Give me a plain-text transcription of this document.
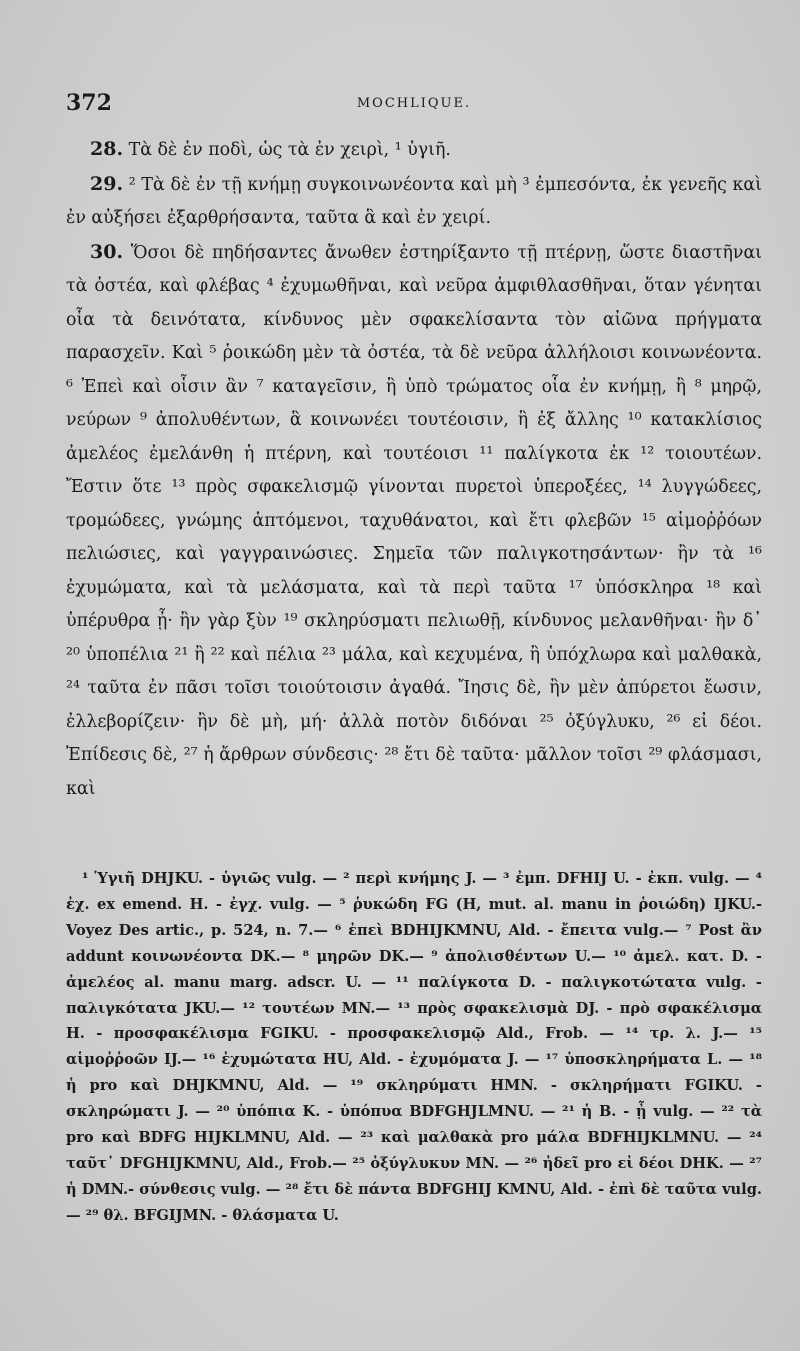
372	MOCHLIQUE.

28. Τὰ δὲ ἐν ποδὶ, ὡς τὰ ἐν χειρὶ, ¹ ὑγιῆ.

29. ² Τὰ δὲ ἐν τῇ κνήμῃ συγκοινωνέοντα καὶ μὴ ³ ἐμπεσόντα, ἐκ γενεῆς καὶ ἐν αὐξήσει ἐξαρθρήσαντα, ταῦτα ἃ καὶ ἐν χειρί.

30. Ὅσοι δὲ πηδήσαντες ἄνωθεν ἐστηρίξαντο τῇ πτέρνῃ, ὥστε διαστῆναι τὰ ὀστέα, καὶ φλέβας ⁴ ἐχυμωθῆναι, καὶ νεῦρα ἀμφιθλασθῆναι, ὅταν γένηται οἷα τὰ δεινότατα, κίνδυνος μὲν σφακελίσαντα τὸν αἰῶνα πρήγματα παρασχεῖν. Καὶ ⁵ ῥοικώδη μὲν τὰ ὀστέα, τὰ δὲ νεῦρα ἀλλήλοισι κοινωνέοντα. ⁶ Ἐπεὶ καὶ οἷσιν ἂν ⁷ καταγεῖσιν, ἢ ὑπὸ τρώματος οἷα ἐν κνήμῃ, ἢ ⁸ μηρῷ, νεύρων ⁹ ἀπολυθέντων, ἃ κοινωνέει τουτέοισιν, ἢ ἐξ ἄλλης ¹⁰ κατακλίσιος ἀμελέος ἐμελάνθη ἡ πτέρνη, καὶ τουτέοισι ¹¹ παλίγκοτα ἐκ ¹² τοιουτέων. Ἔστιν ὅτε ¹³ πρὸς σφακελισμῷ γίνονται πυρετοὶ ὑπεροξέες, ¹⁴ λυγγώδεες, τρομώδεες, γνώμης ἁπτόμενοι, ταχυθάνατοι, καὶ ἔτι φλεβῶν ¹⁵ αἱμοῤῥόων πελιώσιες, καὶ γαγγραινώσιες. Σημεῖα τῶν παλιγκοτησάντων· ἢν τὰ ¹⁶ ἐχυμώματα, καὶ τὰ μελάσματα, καὶ τὰ περὶ ταῦτα ¹⁷ ὑπόσκληρα ¹⁸ καὶ ὑπέρυθρα ᾖ· ἢν γὰρ ξὺν ¹⁹ σκληρύσματι πελιωθῇ, κίνδυνος μελανθῆναι· ἢν δ᾽ ²⁰ ὑποπέλια ²¹ ἢ ²² καὶ πέλια ²³ μάλα, καὶ κεχυμένα, ἢ ὑπόχλωρα καὶ μαλθακὰ, ²⁴ ταῦτα ἐν πᾶσι τοῖσι τοιούτοισιν ἀγαθά. Ἴησις δὲ, ἢν μὲν ἀπύρετοι ἔωσιν, ἐλλεβορίζειν· ἢν δὲ μὴ, μή· ἀλλὰ ποτὸν διδόναι ²⁵ ὀξύγλυκυ, ²⁶ εἰ δέοι. Ἐπίδεσις δὲ, ²⁷ ἡ ἄρθρων σύνδεσις· ²⁸ ἔτι δὲ ταῦτα· μᾶλλον τοῖσι ²⁹ φλάσμασι, καὶ

¹ Ὑγιῆ DHJKU. - ὑγιῶς vulg. — ² περὶ κνήμης J. — ³ ἐμπ. DFHIJ U. - ἐκπ. vulg. — ⁴ ἐχ. ex emend. H. - ἐγχ. vulg. — ⁵ ῥυκώδη FG (H, mut. al. manu in ῥοιώδη) IJKU.- Voyez Des artic., p. 524, n. 7.— ⁶ ἐπεὶ BDHIJKMNU, Ald. - ἔπειτα vulg.— ⁷ Post ἂν addunt κοινωνέοντα DK.— ⁸ μηρῶν DK.— ⁹ ἀπολισθέντων U.— ¹⁰ ἀμελ. κατ. D. - ἀμελέος al. manu marg. adscr. U. — ¹¹ παλίγκοτα D. - παλιγκοτώτατα vulg. - παλιγκότατα JKU.— ¹² τουτέων MN.— ¹³ πρὸς σφακελισμὰ DJ. - πρὸ σφακέλισμα H. - προσφακέλισμα FGIKU. - προσφακελισμῷ Ald., Frob. — ¹⁴ τρ. λ. J.— ¹⁵ αἱμοῤῥοῶν IJ.— ¹⁶ ἐχυμώτατα HU, Ald. - ἐχυμόματα J. — ¹⁷ ὑποσκληρήματα L. — ¹⁸ ἡ pro καὶ DHJKMNU, Ald. — ¹⁹ σκληρύματι HMN. - σκληρήματι FGIKU. - σκληρώματι J. — ²⁰ ὑπόπια K. - ὑπόπυα BDFGHJLMNU. — ²¹ ἡ B. - ᾖ vulg. — ²² τὰ pro καὶ BDFG HIJKLMNU, Ald. — ²³ καὶ μαλθακὰ pro μάλα BDFHIJKLMNU. — ²⁴ ταῦτ᾽ DFGHIJKMNU, Ald., Frob.— ²⁵ ὀξύγλυκυν MN. — ²⁶ ἠδεῖ pro εἰ δέοι DHK. — ²⁷ ἡ DMN.- σύνθεσις vulg. — ²⁸ ἔτι δὲ πάντα BDFGHIJ KMNU, Ald. - ἐπὶ δὲ ταῦτα vulg. — ²⁹ θλ. BFGIJMN. - θλάσματα U.
